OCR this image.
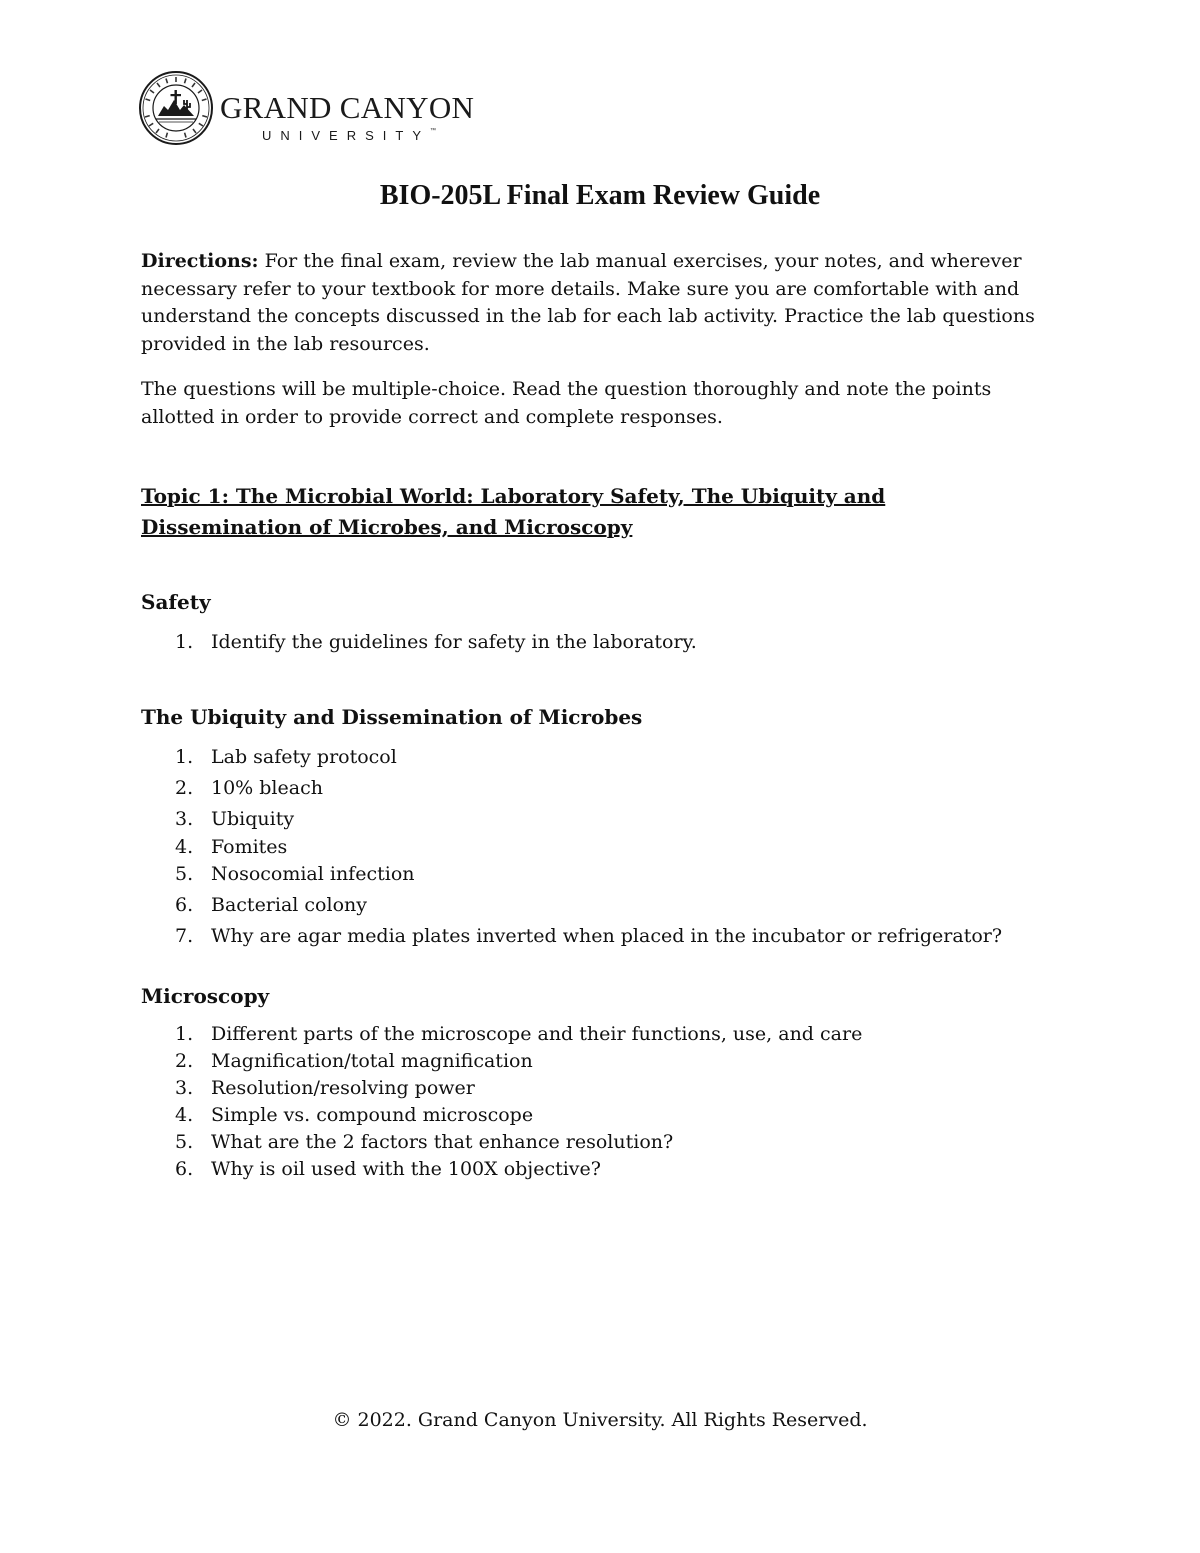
GRAND CANYON
UNIVERSITY™
BIO-205L Final Exam Review Guide

Directions: For the final exam, review the lab manual exercises, your notes, and wherever necessary refer to your textbook for more details. Make sure you are comfortable with and understand the concepts discussed in the lab for each lab activity. Practice the lab questions provided in the lab resources.

The questions will be multiple-choice. Read the question thoroughly and note the points allotted in order to provide correct and complete responses.

Topic 1: The Microbial World: Laboratory Safety, The Ubiquity and Dissemination of Microbes, and Microscopy
Safety
1. Identify the guidelines for safety in the laboratory.
The Ubiquity and Dissemination of Microbes
1. Lab safety protocol
2. 10% bleach
3. Ubiquity
4. Fomites
5. Nosocomial infection
6. Bacterial colony
7. Why are agar media plates inverted when placed in the incubator or refrigerator?
Microscopy
1. Different parts of the microscope and their functions, use, and care
2. Magnification/total magnification
3. Resolution/resolving power
4. Simple vs. compound microscope
5. What are the 2 factors that enhance resolution?
6. Why is oil used with the 100X objective?

© 2022. Grand Canyon University. All Rights Reserved.
